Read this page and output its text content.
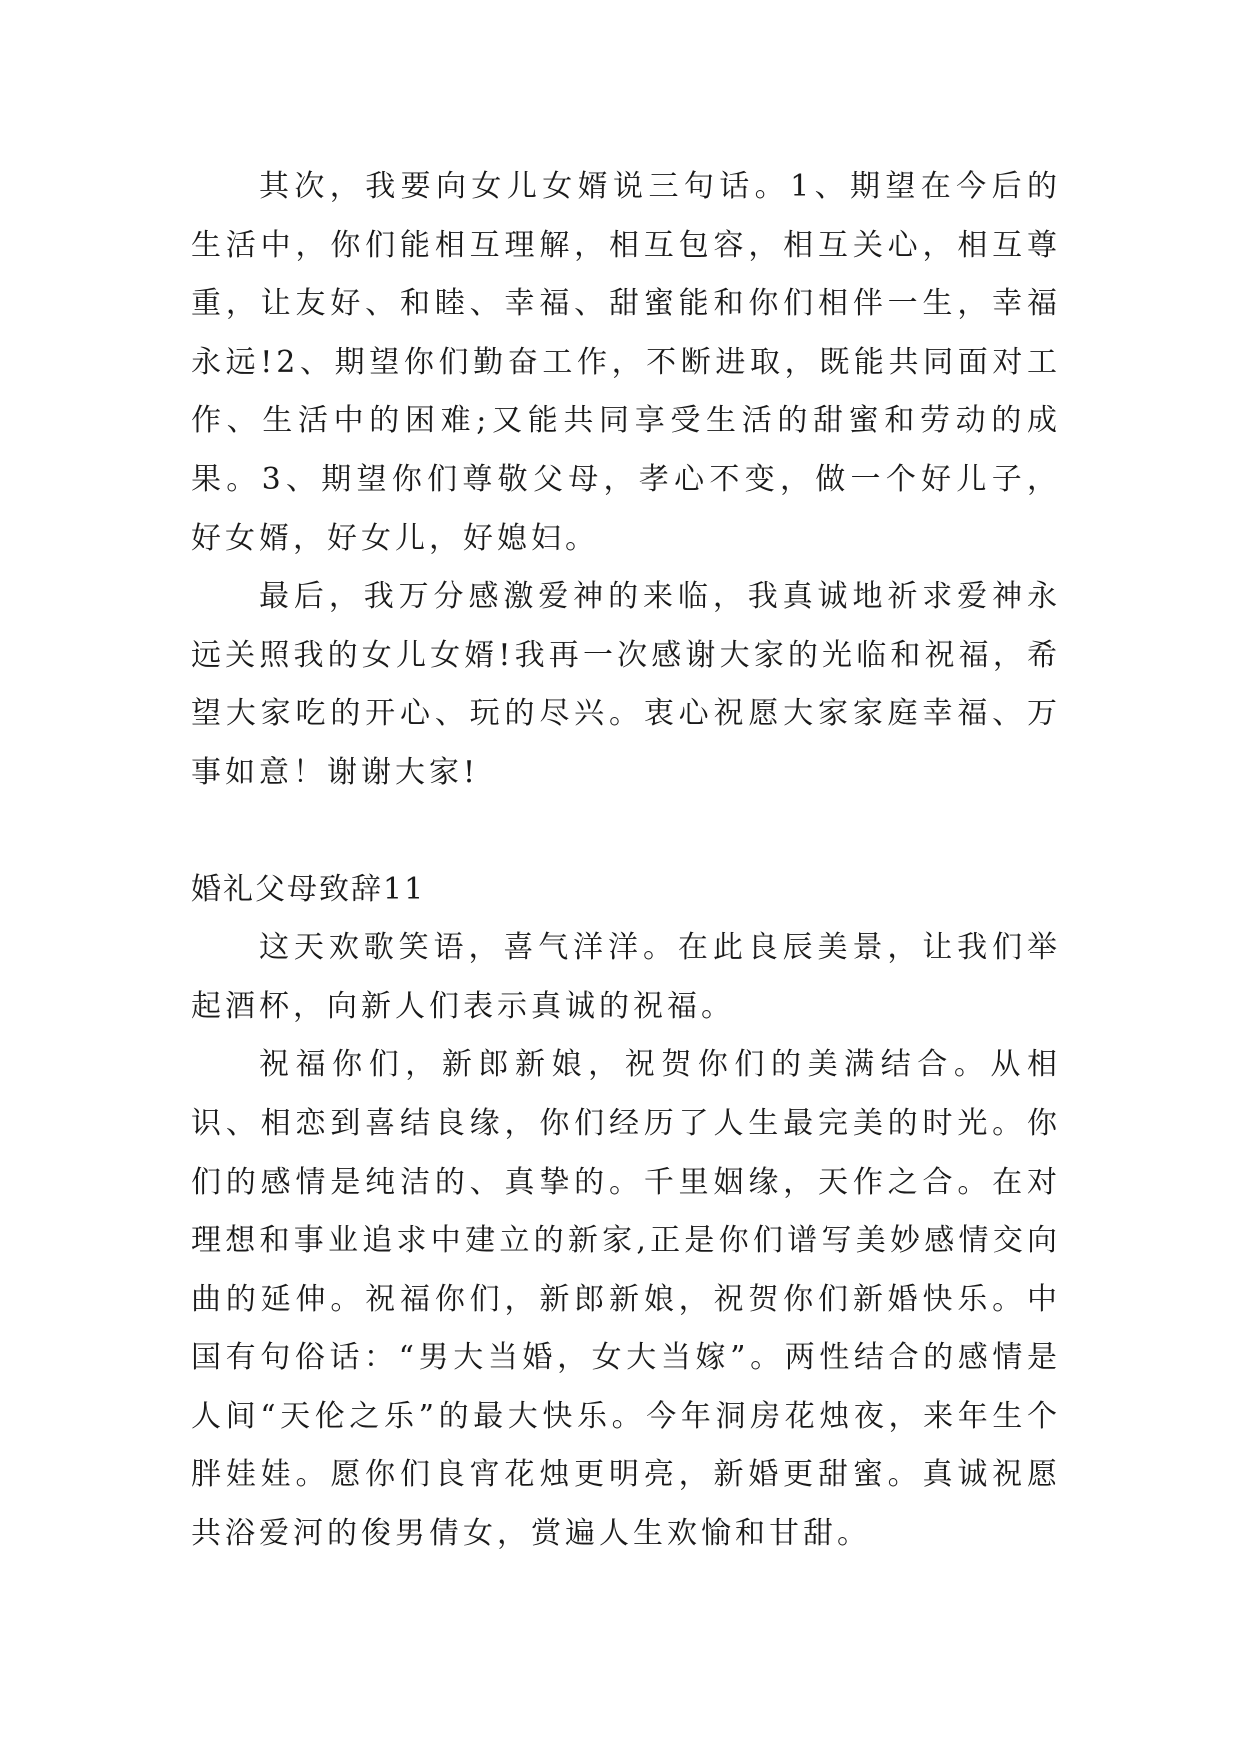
其次，我要向女儿女婿说三句话。1、期望在今后的生活中，你们能相互理解，相互包容，相互关心，相互尊重，让友好、和睦、幸福、甜蜜能和你们相伴一生，幸福永远!2、期望你们勤奋工作，不断进取，既能共同面对工作、生活中的困难;又能共同享受生活的甜蜜和劳动的成果。3、期望你们尊敬父母，孝心不变，做一个好儿子，好女婿，好女儿，好媳妇。

最后，我万分感激爱神的来临，我真诚地祈求爱神永远关照我的女儿女婿!我再一次感谢大家的光临和祝福，希望大家吃的开心、玩的尽兴。衷心祝愿大家家庭幸福、万事如意！谢谢大家!

婚礼父母致辞11

这天欢歌笑语，喜气洋洋。在此良辰美景，让我们举起酒杯，向新人们表示真诚的祝福。

祝福你们，新郎新娘，祝贺你们的美满结合。从相识、相恋到喜结良缘，你们经历了人生最完美的时光。你们的感情是纯洁的、真挚的。千里姻缘，天作之合。在对理想和事业追求中建立的新家,正是你们谱写美妙感情交向曲的延伸。祝福你们，新郎新娘，祝贺你们新婚快乐。中国有句俗话：“男大当婚，女大当嫁”。两性结合的感情是人间“天伦之乐”的最大快乐。今年洞房花烛夜，来年生个胖娃娃。愿你们良宵花烛更明亮，新婚更甜蜜。真诚祝愿共浴爱河的俊男倩女，赏遍人生欢愉和甘甜。
